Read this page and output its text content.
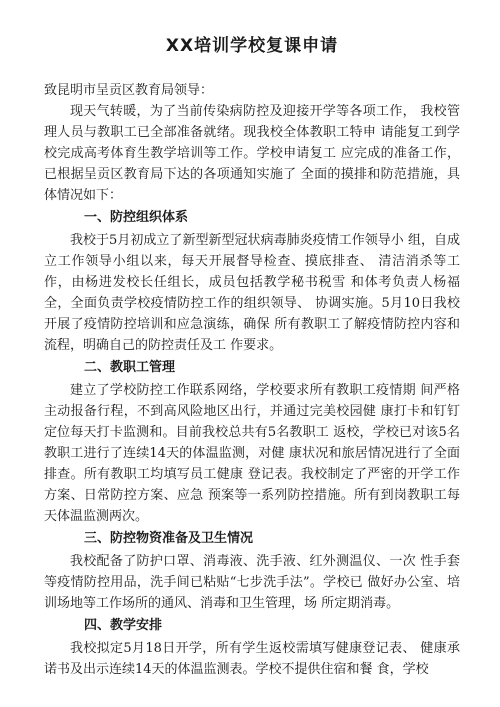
XX培训学校复课申请

致昆明市呈贡区教育局领导：

现天气转暖，为了当前传染病防控及迎接开学等各项工作， 我校管理人员与教职工已全部准备就绪。现我校全体教职工特申 请能复工到学校完成高考体育生教学培训等工作。学校申请复工 应完成的准备工作，已根据呈贡区教育局下达的各项通知实施了 全面的摸排和防范措施，具体情况如下：

一、防控组织体系

我校于5月初成立了新型新型冠状病毒肺炎疫情工作领导小 组，自成立工作领导小组以来，每天开展督导检查、摸底排查、 清洁消杀等工作，由杨进发校长任组长，成员包括教学秘书税雪 和体考负责人杨福全，全面负责学校疫情防控工作的组织领导、 协调实施。5月10日我校开展了疫情防控培训和应急演练，确保 所有教职工了解疫情防控内容和流程，明确自己的防控责任及工 作要求。

二、教职工管理

建立了学校防控工作联系网络，学校要求所有教职工疫情期 间严格主动报备行程，不到高风险地区出行，并通过完美校园健 康打卡和钉钉定位每天打卡监测和。目前我校总共有5名教职工 返校，学校已对该5名教职工进行了连续14天的体温监测，对健 康状况和旅居情况进行了全面排查。所有教职工均填写员工健康 登记表。我校制定了严密的开学工作方案、日常防控方案、应急 预案等一系列防控措施。所有到岗教职工每天体温监测两次。

三、防控物资准备及卫生情况

我校配备了防护口罩、消毒液、洗手液、红外测温仪、一次 性手套等疫情防控用品，洗手间已粘贴“七步洗手法”。学校已 做好办公室、培训场地等工作场所的通风、消毒和卫生管理，场 所定期消毒。

四、教学安排

我校拟定5月18日开学，所有学生返校需填写健康登记表、 健康承诺书及出示连续14天的体温监测表。学校不提供住宿和餐 食，学校
